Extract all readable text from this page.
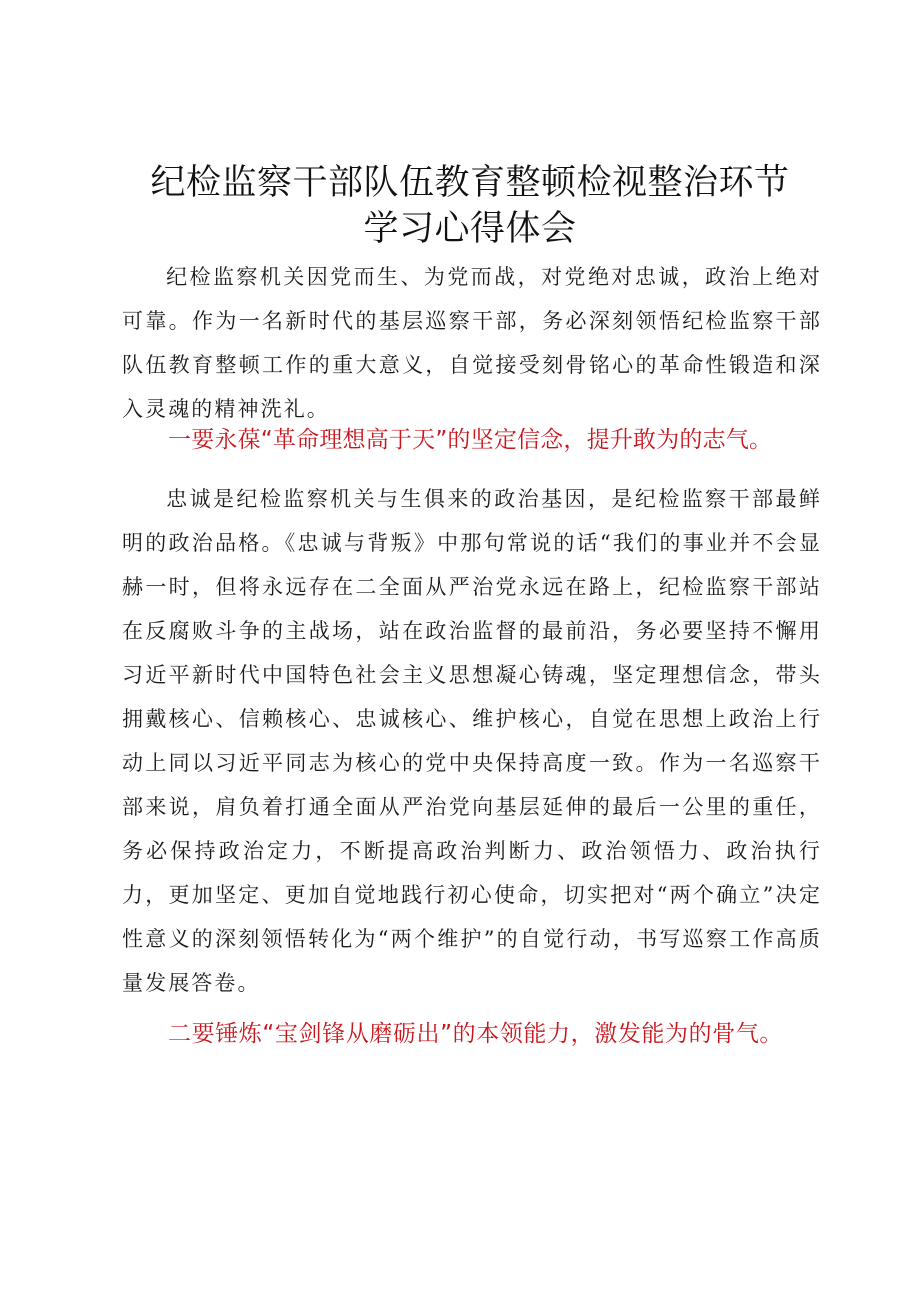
纪检监察干部队伍教育整顿检视整治环节学习心得体会

纪检监察机关因党而生、为党而战，对党绝对忠诚，政治上绝对可靠。作为一名新时代的基层巡察干部，务必深刻领悟纪检监察干部队伍教育整顿工作的重大意义，自觉接受刻骨铭心的革命性锻造和深入灵魂的精神洗礼。

一要永葆“革命理想高于天”的坚定信念，提升敢为的志气。

忠诚是纪检监察机关与生俱来的政治基因，是纪检监察干部最鲜明的政治品格。《忠诚与背叛》中那句常说的话“我们的事业并不会显赫一时，但将永远存在二全面从严治党永远在路上，纪检监察干部站在反腐败斗争的主战场，站在政治监督的最前沿，务必要坚持不懈用习近平新时代中国特色社会主义思想凝心铸魂，坚定理想信念，带头拥戴核心、信赖核心、忠诚核心、维护核心，自觉在思想上政治上行动上同以习近平同志为核心的党中央保持高度一致。作为一名巡察干部来说，肩负着打通全面从严治党向基层延伸的最后一公里的重任，务必保持政治定力，不断提高政治判断力、政治领悟力、政治执行力，更加坚定、更加自觉地践行初心使命，切实把对“两个确立”决定性意义的深刻领悟转化为“两个维护”的自觉行动，书写巡察工作高质量发展答卷。

二要锤炼“宝剑锋从磨砺出”的本领能力，激发能为的骨气。
